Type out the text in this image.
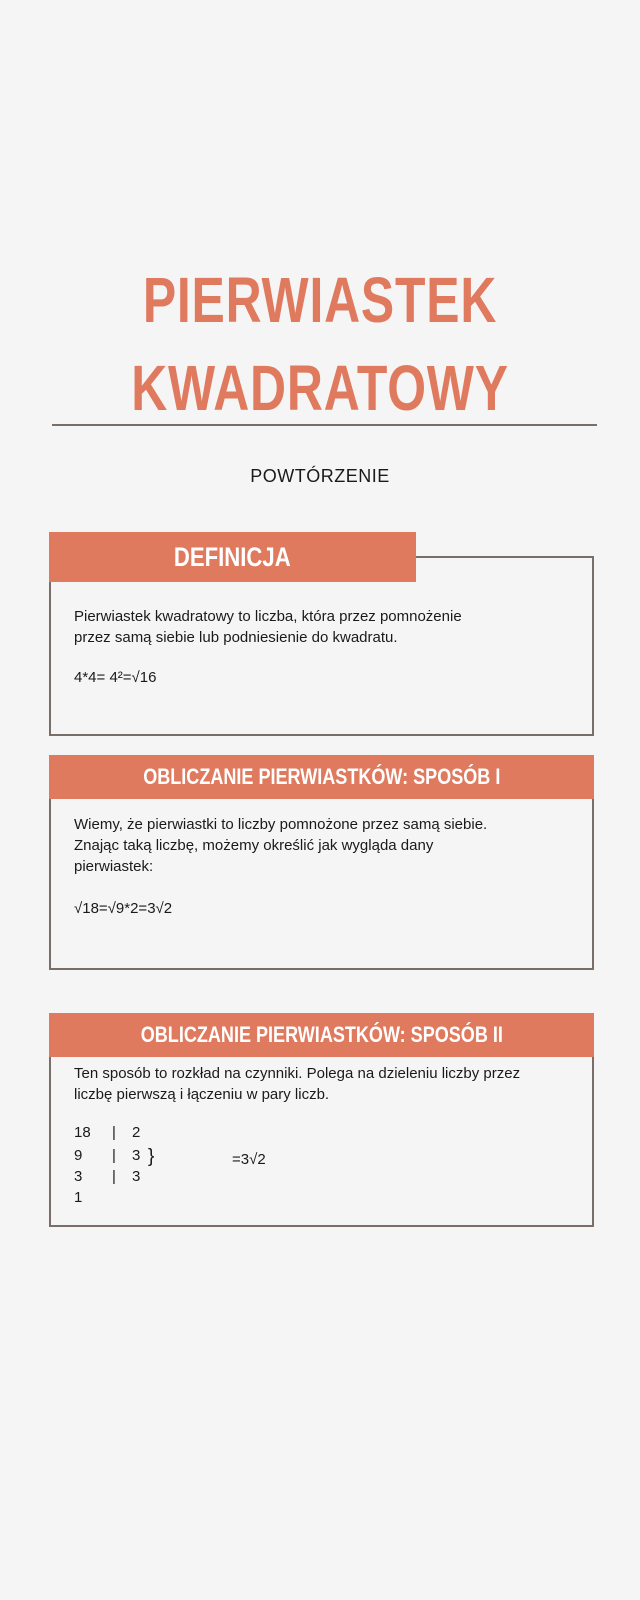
PIERWIASTEK
KWADRATOWY
POWTÓRZENIE
DEFINICJA
Pierwiastek kwadratowy to liczba, która przez pomnożenie
przez samą siebie lub podniesienie do kwadratu.
4*4= 4²=√16
OBLICZANIE PIERWIASTKÓW: SPOSÓB I
Wiemy, że pierwiastki to liczby pomnożone przez samą siebie.
Znając taką liczbę, możemy określić jak wygląda dany
pierwiastek:
√18=√9*2=3√2
OBLICZANIE PIERWIASTKÓW: SPOSÓB II
Ten sposób to rozkład na czynniki. Polega na dzieleniu liczby przez
liczbę pierwszą i łączeniu w pary liczb.
18
9
3
1
|
|
|
2
3
3
}	=3√2
